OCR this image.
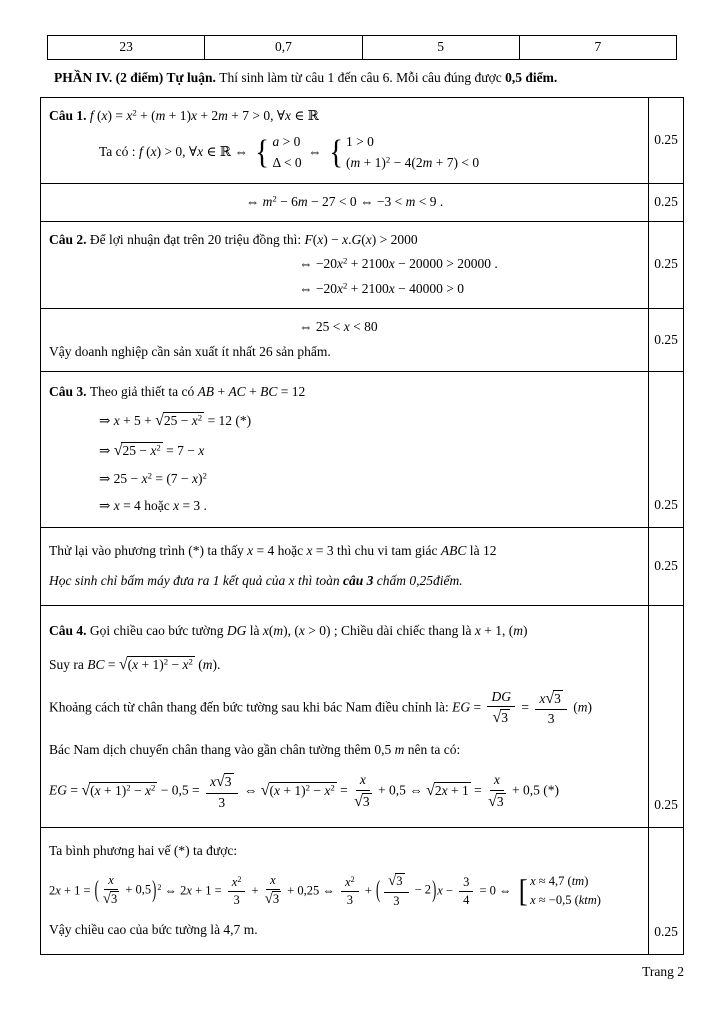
23	0,7	5	7

PHẦN IV. (2 điểm) Tự luận. Thí sinh làm từ câu 1 đến câu 6. Mỗi câu đúng được 0,5 điểm.

Câu 1. f $(x) = x^2 + (m + 1)x + 2m + 7 > 0$, ∀x ∈ ℝ
Ta có : f (x) > 0, ∀x ∈ ℝ ⇔ { a > 0
Δ < 0
⇔ { 1 > 0
$(m + 1)^2 - 4(2m + 7) < 0$
0.25
⇔ $m^2 - 6m - 27 < 0$ ⇔ −3 < m < 9 .	0.25
Câu 2. Để lợi nhuận đạt trên 20 triệu đồng thì: F(x) − x.G(x) > 2000
⇔ $-20x^2 + 2100x - 20000 > 20000$ .
⇔ $-20x^2 + 2100x - 40000 > 0$
0.25
⇔ 25 < x < 80
Vậy doanh nghiệp cần sản xuất ít nhất 26 sản phẩm.
0.25
Câu 3. Theo giả thiết ta có AB + AC + BC = 12
⇒ $x + 5 + √25 - x^2 = 12$ (*)
⇒ $√25 - x^2 = 7 - x$
⇒ $25 - x^2 = (7 - x)^2$
⇒ x = 4 hoặc x = 3 .	0.25
Thử lại vào phương trình (*) ta thấy x = 4 hoặc x = 3 thì chu vi tam giác ABC là 12
Học sinh chỉ bấm máy đưa ra 1 kết quả của x thì toàn câu 3 chấm 0,25điểm.
0.25
Câu 4. Gọi chiều cao bức tường DG là x(m), (x > 0) ; Chiều dài chiếc thang là x + 1, (m)
Suy ra BC = $√(x + 1)^2 - x^2$ (m).
Khoảng cách từ chân thang đến bức tường sau khi bác Nam điều chỉnh là: EG = $\frac{DG}{√3} = \frac{x√3}{3} (m)$
Bác Nam dịch chuyển chân thang vào gần chân tường thêm 0,5 m nên ta có:
EG = $√(x + 1)^2 - x^2 - 0,5 = \frac{x√3}{3}$ ⇔ $√(x + 1)^2 - x^2 = \frac{x}{√3} + 0,5$ ⇔ $√2x + 1 = \frac{x}{√3} + 0,5$ (*)
0.25
Ta bình phương hai vế (*) ta được:
2x + 1 = ( $\frac{x}{√3} + 0,5$ ) $^2$ ⇔ $2x + 1 = \frac{x^2}{3} + \frac{x}{√3} + 0,25$ ⇔ $\frac{x^2}{3}$ + ( $\frac{√3}{3} - 2$ ) $x - \frac{3}{4} = 0$ ⇔ [ x ≈ 4,7 (tm)
x ≈ −0,5 (ktm)
Vậy chiều cao của bức tường là 4,7 m.	0.25
Trang 2
